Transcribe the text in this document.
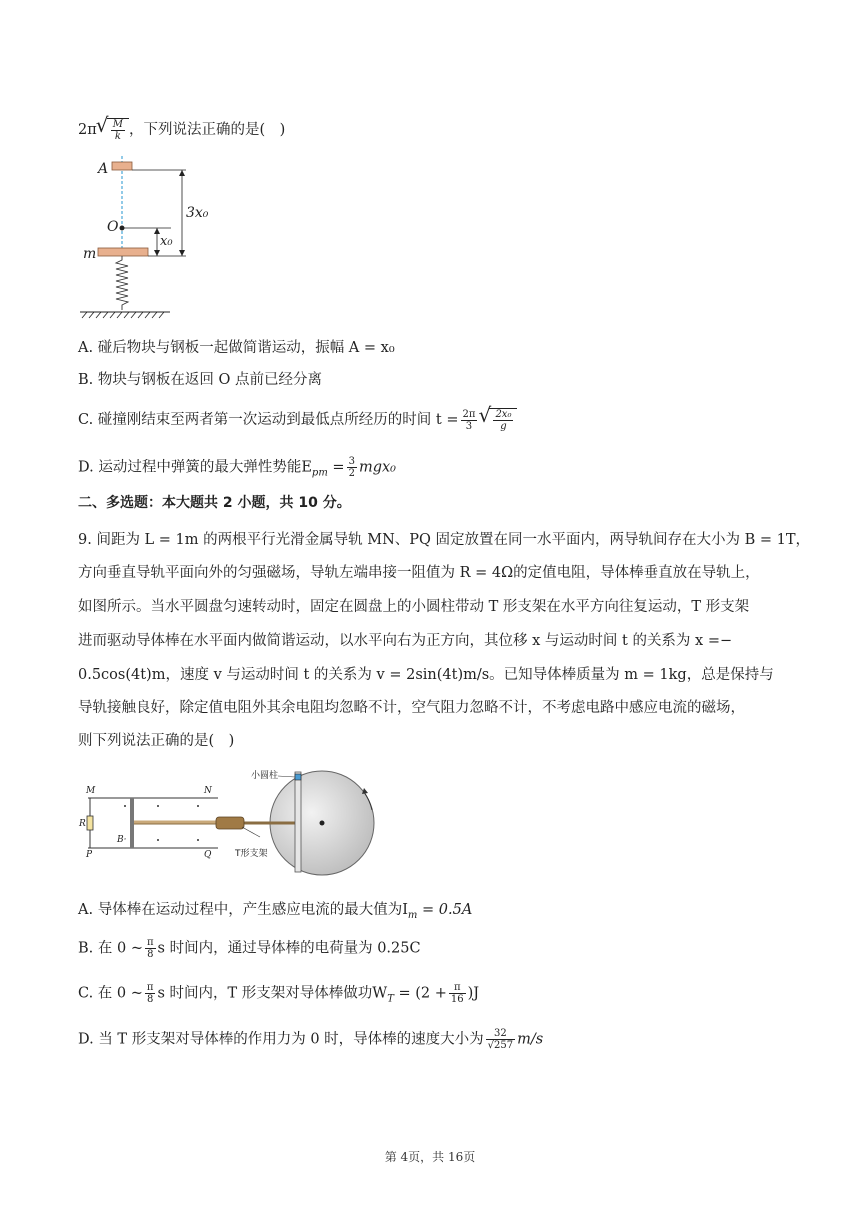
2π √ $\frac{M}{k}$ ，下列说法正确的是(　)
A
O
m
3x₀
x₀
A. 碰后物块与钢板一起做简谐运动，振幅 A = x₀
B. 物块与钢板在返回 O 点前已经分离
C. 碰撞刚结束至两者第一次运动到最低点所经历的时间 $t = \frac{2\pi}{3}$ √ $\frac{\text{2x₀}}{g}$
D. 运动过程中弹簧的最大弹性势能$E_{pm} = \frac{3}{2} mgx_0$
二、多选题：本大题共 2 小题，共 10 分。
9. 间距为 L = 1m 的两根平行光滑金属导轨 MN、PQ 固定放置在同一水平面内，两导轨间存在大小为 B = 1T，
方向垂直导轨平面向外的匀强磁场，导轨左端串接一阻值为 R = 4Ω的定值电阻，导体棒垂直放在导轨上，
如图所示。当水平圆盘匀速转动时，固定在圆盘上的小圆柱带动 T 形支架在水平方向往复运动，T 形支架
进而驱动导体棒在水平面内做简谐运动，以水平向右为正方向，其位移 x 与运动时间 t 的关系为 x =−
0.5cos(4t)m，速度 v 与运动时间 t 的关系为 v = 2sin(4t)m/s。已知导体棒质量为 m = 1kg，总是保持与
导轨接触良好，除定值电阻外其余电阻均忽略不计，空气阻力忽略不计，不考虑电路中感应电流的磁场，
则下列说法正确的是(　)
M	N
P	Q
R
B·
小圆柱
T形支架
A. 导体棒在运动过程中，产生感应电流的最大值为$I_m = 0.5A$
B. 在 0 ~ $\frac{\pi}{8}$ s 时间内，通过导体棒的电荷量为 0.25C
C. 在 0 ~ $\frac{\pi}{8}$ s 时间内，T 形支架对导体棒做功$W_T = (2 + \frac{\pi}{16} )J$
D. 当 T 形支架对导体棒的作用力为 0 时，导体棒的速度大小为 $\frac{32}{√257} m/s$
第 4页，共 16页
